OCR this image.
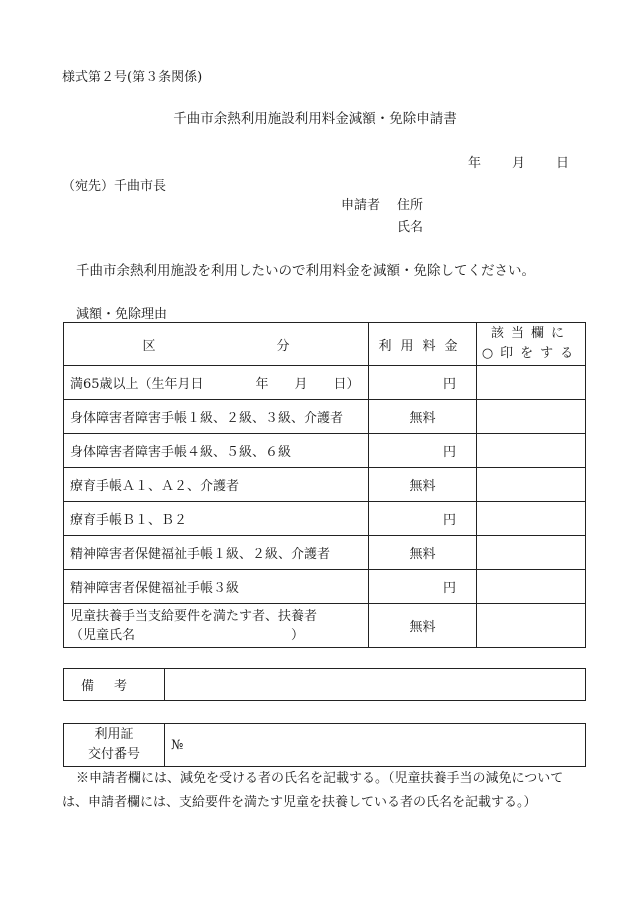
様式第２号(第３条関係)
千曲市余熱利用施設利用料金減額・免除申請書
年 月 日
（宛先）千曲市長
申請者 住所
氏名
千曲市余熱利用施設を利用したいので利用料金を減額・免除してください。
減額・免除理由
区 分	利用料金	該当欄に
○印をする

満65歳以上（生年月日　　　　年　　月　　日）	円	
身体障害者障害手帳１級、２級、３級、介護者	無料	
身体障害者障害手帳４級、５級、６級	円	
療育手帳Ａ１、Ａ２、介護者	無料	
療育手帳Ｂ１、Ｂ２	円	
精神障害者保健福祉手帳１級、２級、介護者	無料	
精神障害者保健福祉手帳３級	円	

児童扶養手当支給要件を満たす者、扶養者
（児童氏名　　　　　　　　　　　　）	無料	
備考	
利用証
交付番号
	№
※申請者欄には、減免を受ける者の氏名を記載する。（児童扶養手当の減免については、申請者欄には、支給要件を満たす児童を扶養している者の氏名を記載する。）
